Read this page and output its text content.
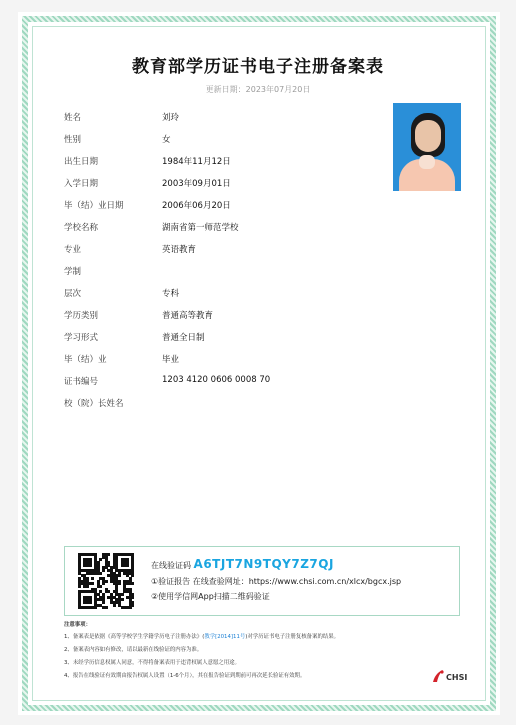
教育部学历证书电子注册备案表
更新日期：2023年07月20日
姓名	刘玲
性别	女
出生日期	1984年11月12日
入学日期	2003年09月01日
毕（结）业日期	2006年06月20日
学校名称	湖南省第一师范学校
专业	英语教育
学制
层次	专科
学历类别	普通高等教育
学习形式	普通全日制
毕（结）业	毕业
证书编号	1203 4120 0606 0008 70
校（院）长姓名
在线验证码 A6TJT7N9TQY7Z7QJ
①验证报告 在线查验网址：https://www.chsi.com.cn/xlcx/bgcx.jsp
②使用学信网App扫描二维码验证
注意事项：
1、备案表是依据《高等学校学生学籍学历电子注册办法》(教学[2014]11号)对学历证书电子注册复核备案的结果。
2、备案表内容如有修改，请以最新在线验证的内容为准。
3、未经学历信息权属人同意，不得将备案表用于违背权属人意愿之用途。
4、报告在线验证有效期由报告权属人设置（1-6个月），其在报告验证到期前可再次延长验证有效期。	CHSI
